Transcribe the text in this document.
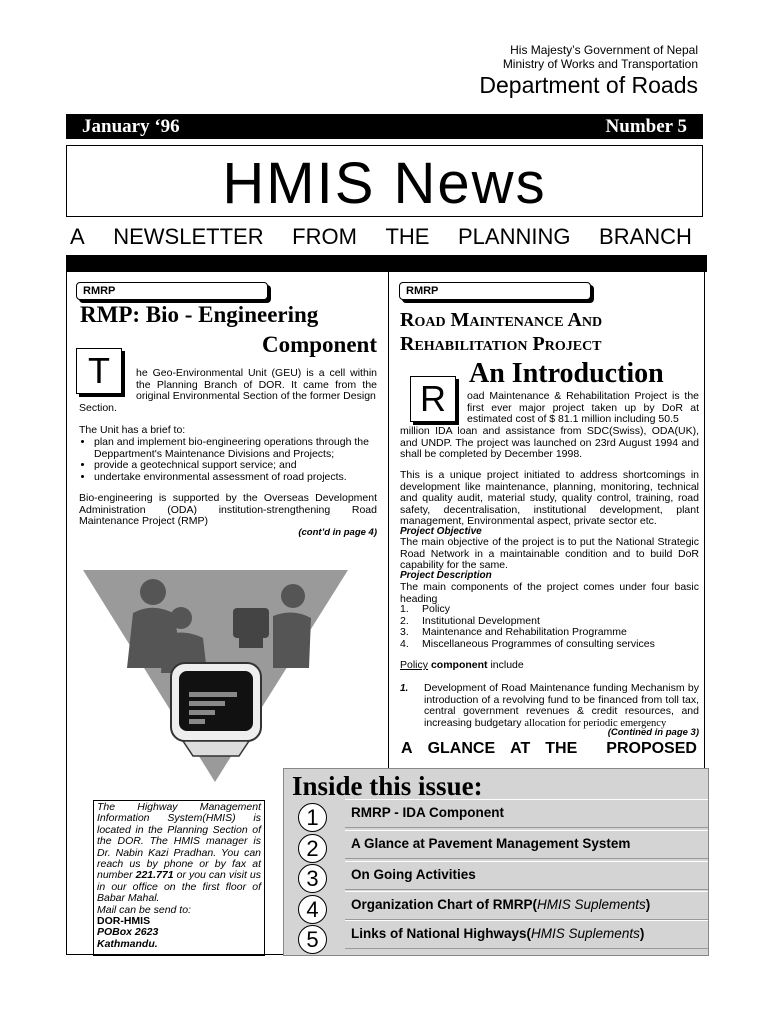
His Majesty’s Government of Nepal
Ministry of Works and Transportation
Department of Roads
January ‘96	Number 5
HMIS News
A NEWSLETTER FROM THE PLANNING BRANCH
RMRP
RMP: Bio - Engineering
Component
T	he Geo-Environmental Unit (GEU) is a cell within the Planning Branch of DOR. It came from the original Environmental Section of the former Design
Section.
The Unit has a brief to:
• plan and implement bio-engineering operations through the Deppartment's Maintenance Divisions and Projects;
• provide a geotechnical support service; and
• undertake environmental assessment of road projects.
Bio-engineering is supported by the Overseas Development Administration (ODA) institution-strengthening Road Maintenance Project (RMP)
(cont’d in page 4)
RMRP
Road Maintenance And
Rehabilitation Project
An Introduction
R	oad Maintenance & Rehabilitation Project is the first ever major project taken up by DoR at estimated cost of $ 81.1 million including 50.5
million IDA loan and assistance from SDC(Swiss), ODA(UK), and UNDP. The project was launched on 23rd August 1994 and shall be completed by December 1998.
This is a unique project initiated to address shortcomings in development like maintenance, planning, monitoring, technical and quality audit, material study, quality control, training, road safety, decentralisation, institutional development, plant management, Environmental aspect, private sector etc.
Project Objective
The main objective of the project is to put the National Strategic Road Network in a maintainable condition and to build DoR capability for the same.
Project Description
The main components of the project comes under four basic heading
1. Policy
2. Institutional Development
3. Maintenance and Rehabilitation Programme
4. Miscellaneous Programmes of consulting services
Policy component include
1. Development of Road Maintenance funding Mechanism by introduction of a revolving fund to be financed from toll tax, central government revenues & credit resources, and increasing budgetary allocation for periodic emergency
(Contined in page 3)
A GLANCE AT THE PROPOSED
The Highway Management Information System(HMIS) is located in the Planning Section of the DOR. The HMIS manager is Dr. Nabin Kazi Pradhan. You can reach us by phone or by fax at number 221.771 or you can visit us in our office on the first floor of Babar Mahal.
Mail can be send to:
DOR-HMIS
POBox 2623
Kathmandu.
Inside this issue:
1	RMRP - IDA Component
2	A Glance at Pavement Management System
3	On Going Activities
4	Organization Chart of RMRP(HMIS Suplements)
5	Links of National Highways(HMIS Suplements)
